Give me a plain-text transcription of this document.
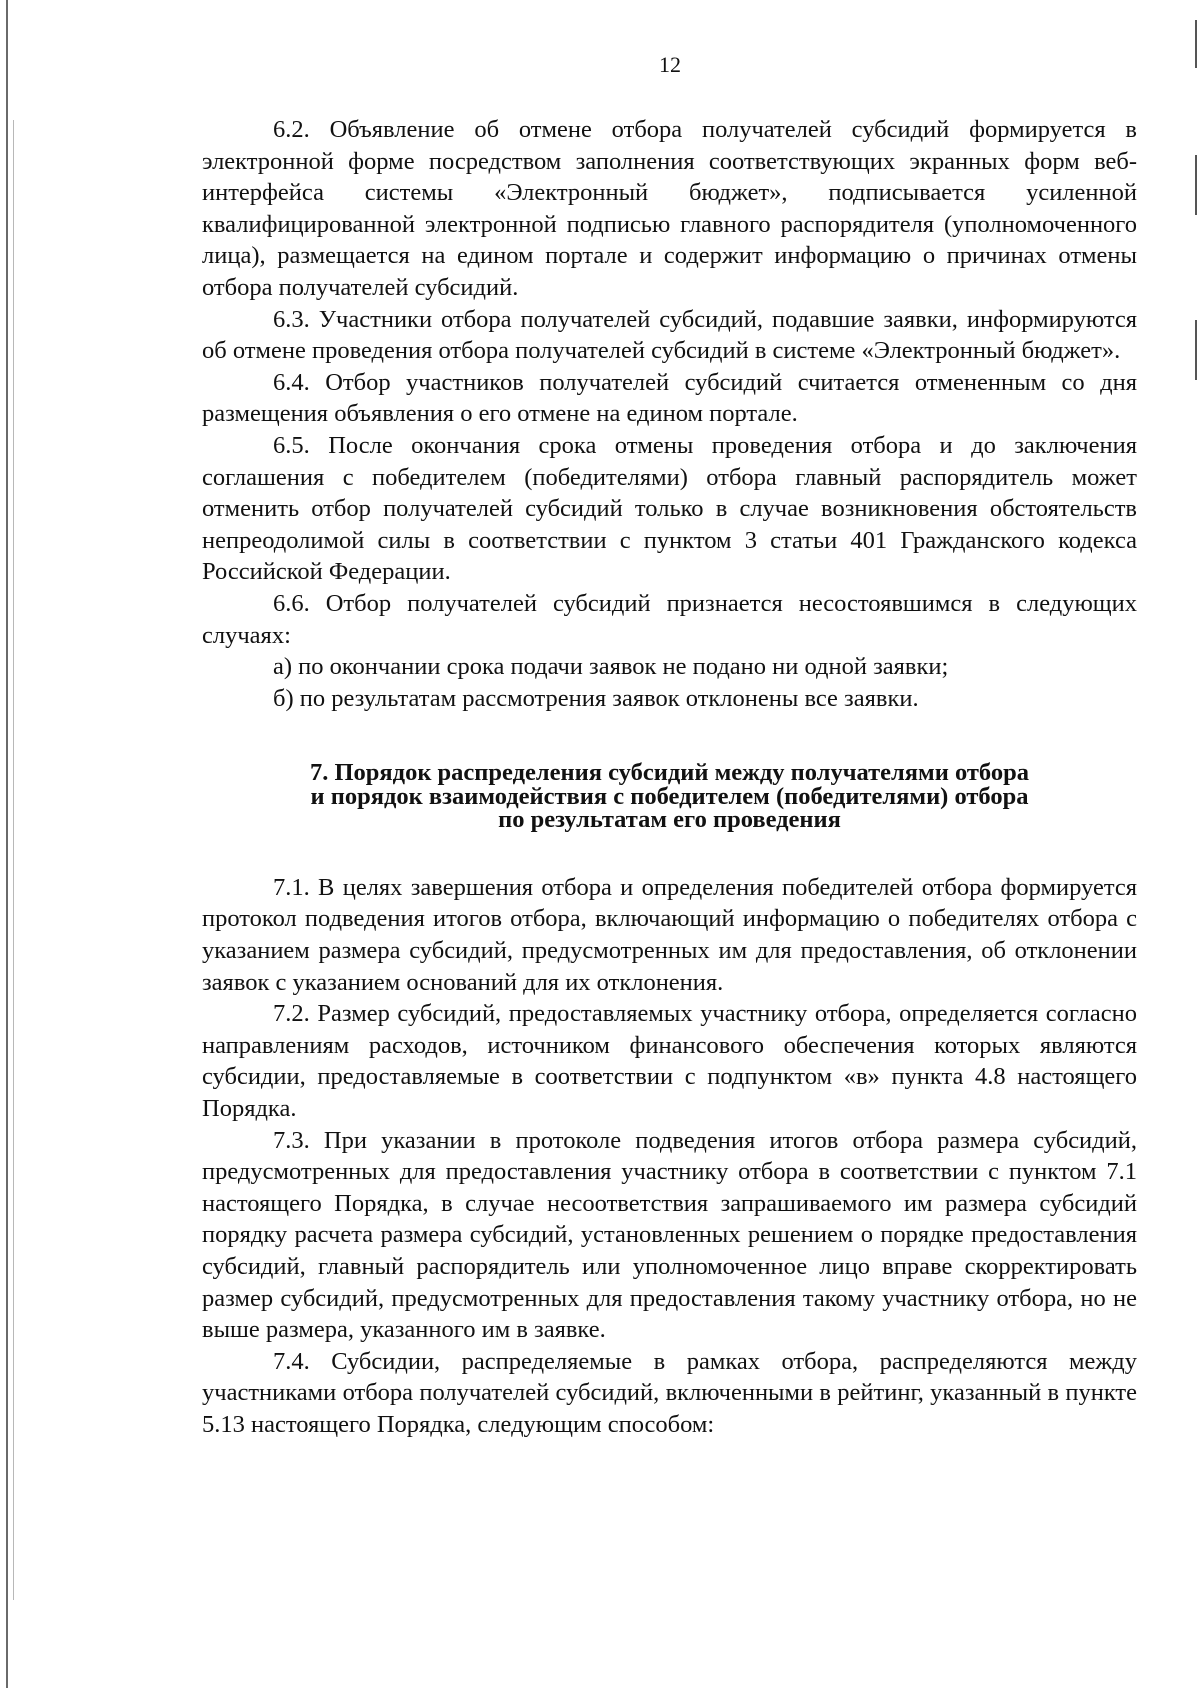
12

6.2. Объявление об отмене отбора получателей субсидий формируется в электронной форме посредством заполнения соответствующих экранных форм веб-интерфейса системы «Электронный бюджет», подписывается усиленной квалифицированной электронной подписью главного распорядителя (уполномоченного лица), размещается на едином портале и содержит информацию о причинах отмены отбора получателей субсидий.

6.3. Участники отбора получателей субсидий, подавшие заявки, информируются об отмене проведения отбора получателей субсидий в системе «Электронный бюджет».

6.4. Отбор участников получателей субсидий считается отмененным со дня размещения объявления о его отмене на едином портале.

6.5. После окончания срока отмены проведения отбора и до заключения соглашения с победителем (победителями) отбора главный распорядитель может отменить отбор получателей субсидий только в случае возникновения обстоятельств непреодолимой силы в соответствии с пунктом 3 статьи 401 Гражданского кодекса Российской Федерации.

6.6. Отбор получателей субсидий признается несостоявшимся в следующих случаях:

а) по окончании срока подачи заявок не подано ни одной заявки;

б) по результатам рассмотрения заявок отклонены все заявки.

7. Порядок распределения субсидий между получателями отбора
и порядок взаимодействия с победителем (победителями) отбора
по результатам его проведения

7.1. В целях завершения отбора и определения победителей отбора формируется протокол подведения итогов отбора, включающий информацию о победителях отбора с указанием размера субсидий, предусмотренных им для предоставления, об отклонении заявок с указанием оснований для их отклонения.

7.2. Размер субсидий, предоставляемых участнику отбора, определяется согласно направлениям расходов, источником финансового обеспечения которых являются субсидии, предоставляемые в соответствии с подпунктом «в» пункта 4.8 настоящего Порядка.

7.3. При указании в протоколе подведения итогов отбора размера субсидий, предусмотренных для предоставления участнику отбора в соответствии с пунктом 7.1 настоящего Порядка, в случае несоответствия запрашиваемого им размера субсидий порядку расчета размера субсидий, установленных решением о порядке предоставления субсидий, главный распорядитель или уполномоченное лицо вправе скорректировать размер субсидий, предусмотренных для предоставления такому участнику отбора, но не выше размера, указанного им в заявке.

7.4. Субсидии, распределяемые в рамках отбора, распределяются между участниками отбора получателей субсидий, включенными в рейтинг, указанный в пункте 5.13 настоящего Порядка, следующим способом:
